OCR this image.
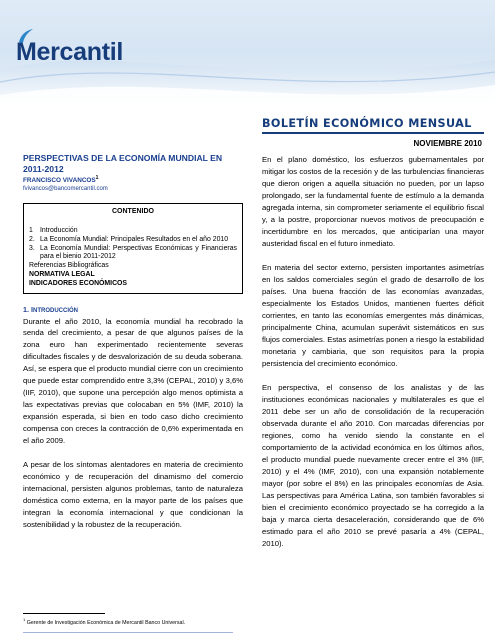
Mercantil
BOLETÍN ECONÓMICO MENSUAL
NOVIEMBRE 2010

PERSPECTIVAS DE LA ECONOMÍA MUNDIAL EN
2011-2012

FRANCISCO VIVANCOS$^1$
fvivancos@bancomercantil.com
CONTENIDO
1	Introducción
2. La Economía Mundial: Principales Resultados en el año 2010
3. La Economía Mundial: Perspectivas Económicas y Financieras para el bienio 2011-2012
Referencias Bibliográficas
NORMATIVA LEGAL
INDICADORES ECONÓMICOS
1. INTRODUCCIÓN

Durante el año 2010, la economía mundial ha recobrado la senda del crecimiento, a pesar de que algunos países de la zona euro han experimentado recientemente severas dificultades fiscales y de desvalorización de su deuda soberana. Así, se espera que el producto mundial cierre con un crecimiento que puede estar comprendido entre 3,3% (CEPAL, 2010) y 3,6% (IIF, 2010), que supone una percepción algo menos optimista a las expectativas previas que colocaban en 5% (IMF, 2010) la expansión esperada, si bien en todo caso dicho crecimiento compensa con creces la contracción de 0,6% experimentada en el año 2009.

A pesar de los síntomas alentadores en materia de crecimiento económico y de recuperación del dinamismo del comercio internacional, persisten algunos problemas, tanto de naturaleza doméstica como externa, en la mayor parte de los países que integran la economía internacional y que condicionan la sostenibilidad y la robustez de la recuperación.

$^1$ Gerente de Investigación Económica de Mercantil Banco Universal.

En el plano doméstico, los esfuerzos gubernamentales por mitigar los costos de la recesión y de las turbulencias financieras que dieron origen a aquella situación no pueden, por un lapso prolongado, ser la fundamental fuente de estímulo a la demanda agregada interna, sin comprometer seriamente el equilibrio fiscal y, a la postre, proporcionar nuevos motivos de preocupación e incertidumbre en los mercados, que anticiparían una mayor austeridad fiscal en el futuro inmediato.

En materia del sector externo, persisten importantes asimetrías en los saldos comerciales según el grado de desarrollo de los países. Una buena fracción de las economías avanzadas, especialmente los Estados Unidos, mantienen fuertes déficit corrientes, en tanto las economías emergentes más dinámicas, principalmente China, acumulan superávit sistemáticos en sus flujos comerciales. Estas asimetrías ponen a riesgo la estabilidad monetaria y cambiaria, que son requisitos para la propia persistencia del crecimiento económico.

En perspectiva, el consenso de los analistas y de las instituciones económicas nacionales y multilaterales es que el 2011 debe ser un año de consolidación de la recuperación observada durante el año 2010. Con marcadas diferencias por regiones, como ha venido siendo la constante en el comportamiento de la actividad económica en los últimos años, el producto mundial puede nuevamente crecer entre el 3% (IIF, 2010) y el 4% (IMF, 2010), con una expansión notablemente mayor (por sobre el 8%) en las principales economías de Asia. Las perspectivas para América Latina, son también favorables si bien el crecimiento económico proyectado se ha corregido a la baja y marca cierta desaceleración, considerando que de 6% estimado para el año 2010 se prevé pasaría a 4% (CEPAL, 2010).
